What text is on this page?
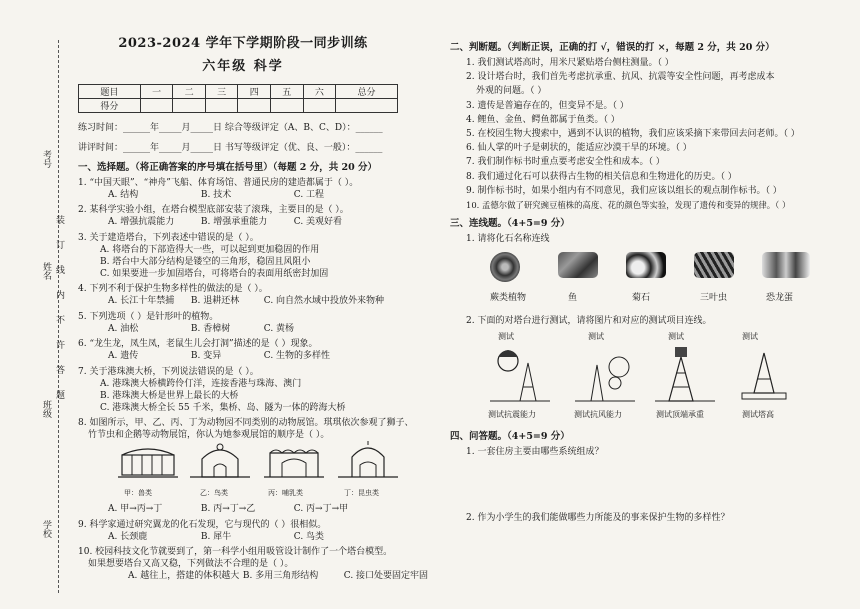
考号
姓名
班级
学校
装
订
线
内
不
许
答
题
2023-2024 学年下学期阶段一同步训练
六年级 科学
题目	一	二	三	四	五	六	总分
得分							
练习时间：______年_____月_____日 综合等级评定（A、B、C、D）：______
讲评时间：______年_____月_____日 书写等级评定（优、良、一般）：______
一、选择题。（将正确答案的序号填在括号里）（每题 2 分，共 20 分）
1. “中国天眼”、“神舟”飞船、体育场馆、普通民房的建造都属于（ ）。
A. 结构	B. 技术	C. 工程
2. 某科学实验小组，在塔台模型底部安装了滚珠，主要目的是（ ）。
A. 增强抗震能力	B. 增强承重能力	C. 美观好看
3. 关于建造塔台，下列表述中错误的是（ ）。
A. 将塔台的下部造得大一些，可以起到更加稳固的作用
B. 塔台中大部分结构是镂空的三角形，稳固且风阻小
C. 如果要进一步加固塔台，可将塔台的表面用纸密封加固
4. 下列不利于保护生物多样性的做法的是（ ）。
A. 长江十年禁捕 B. 退耕还林	C. 向自然水域中投放外来物种
5. 下列选项（ ）是针形叶的植物。
A. 油松	B. 香樟树	C. 黄杨
6. “龙生龙，凤生凤，老鼠生儿会打洞”描述的是（ ）现象。
A. 遗传	B. 变异	C. 生物的多样性
7. 关于港珠澳大桥，下列说法错误的是（ ）。
A. 港珠澳大桥横跨伶仃洋，连接香港与珠海、澳门
B. 港珠澳大桥是世界上最长的大桥
C. 港珠澳大桥全长 55 千米，集桥、岛、隧为一体的跨海大桥
8. 如图所示，甲、乙、丙、丁为动物园不同类别的动物展馆。琪琪依次参观了狮子、
竹节虫和企鹅等动物展馆，你认为她参观展馆的顺序是（ ）。
甲：兽类	乙：鸟类	丙：哺乳类	丁：昆虫类
A. 甲→丙→丁	B. 丙→丁→乙	C. 丙→丁→甲
9. 科学家通过研究翼龙的化石发现，它与现代的（ ）很相似。
A. 长颈鹿	B. 犀牛	C. 鸟类
10. 校园科技文化节就要到了，第一科学小组用吸管设计制作了一个塔台模型。
如果想要塔台又高又稳，下列做法不合理的是（ ）。
A. 越往上，搭建的体积越大 B. 多用三角形结构	C. 接口处要固定牢固
二、判断题。（判断正误，正确的打 √，错误的打 ×，每题 2 分，共 20 分）
1. 我们测试塔高时，用米尺紧贴塔台侧柱测量。（ ）
2. 设计塔台时，我们首先考虑抗承重、抗风、抗震等安全性问题，再考虑成本
外观的问题。（ ）
3. 遗传是普遍存在的，但变异不是。（ ）
4. 鲤鱼、金鱼、鳄鱼都属于鱼类。（ ）
5. 在校园生物大搜索中，遇到不认识的植物，我们应该采摘下来带回去问老师。（ ）
6. 仙人掌的叶子是刺状的，能适应沙漠干旱的环境。（ ）
7. 我们制作标书时重点要考虑安全性和成本。（ ）
8. 我们通过化石可以获得古生物的相关信息和生物进化的历史。（ ）
9. 制作标书时，如果小组内有不同意见，我们应该以组长的观点制作标书。（ ）
10. 孟德尔做了研究豌豆植株的高度、花的颜色等实验，发现了遗传和变异的规律。（ ）
三、连线题。（4+5=9 分）
1. 请将化石名称连线
蕨类植物	鱼	菊石	三叶虫	恐龙蛋
2. 下面的对塔台进行测试，请将图片和对应的测试项目连线。
测试	测试	测试	测试
测试抗震能力	测试抗风能力	测试顶端承重	测试塔高
四、问答题。（4+5=9 分）
1. 一套住房主要由哪些系统组成？
2. 作为小学生的我们能做哪些力所能及的事来保护生物的多样性？
